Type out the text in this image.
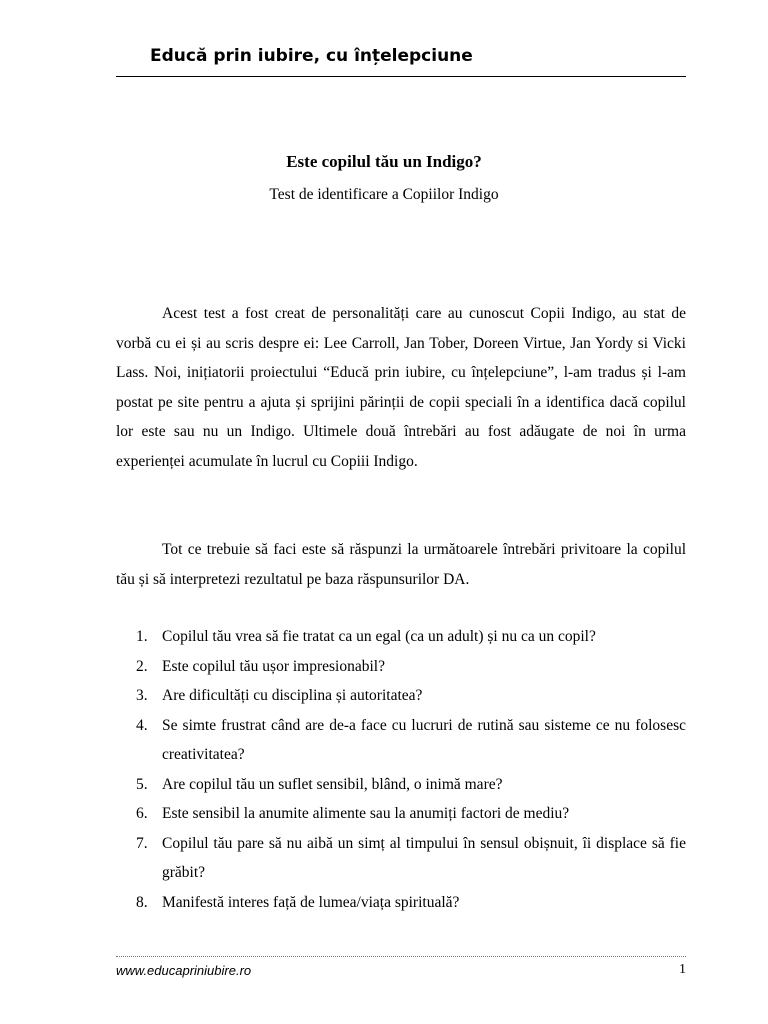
Educă prin iubire, cu înțelepciune
Este copilul tău un Indigo?
Test de identificare a Copiilor Indigo

Acest test a fost creat de personalități care au cunoscut Copii Indigo, au stat de vorbă cu ei și au scris despre ei: Lee Carroll, Jan Tober, Doreen Virtue, Jan Yordy si Vicki Lass. Noi, inițiatorii proiectului “Educă prin iubire, cu înțelepciune”, l-am tradus și l-am postat pe site pentru a ajuta și sprijini părinții de copii speciali în a identifica dacă copilul lor este sau nu un Indigo. Ultimele două întrebări au fost adăugate de noi în urma experienței acumulate în lucrul cu Copiii Indigo.

Tot ce trebuie să faci este să răspunzi la următoarele întrebări privitoare la copilul tău și să interpretezi rezultatul pe baza răspunsurilor DA.

1. Copilul tău vrea să fie tratat ca un egal (ca un adult) și nu ca un copil?
2. Este copilul tău ușor impresionabil?
3. Are dificultăți cu disciplina și autoritatea?
4. Se simte frustrat când are de-a face cu lucruri de rutină sau sisteme ce nu folosesc creativitatea?
5. Are copilul tău un suflet sensibil, blând, o inimă mare?
6. Este sensibil la anumite alimente sau la anumiți factori de mediu?
7. Copilul tău pare să nu aibă un simț al timpului în sensul obișnuit, îi displace să fie grăbit?
8. Manifestă interes față de lumea/viața spirituală?
www.educapriniubire.ro	1
